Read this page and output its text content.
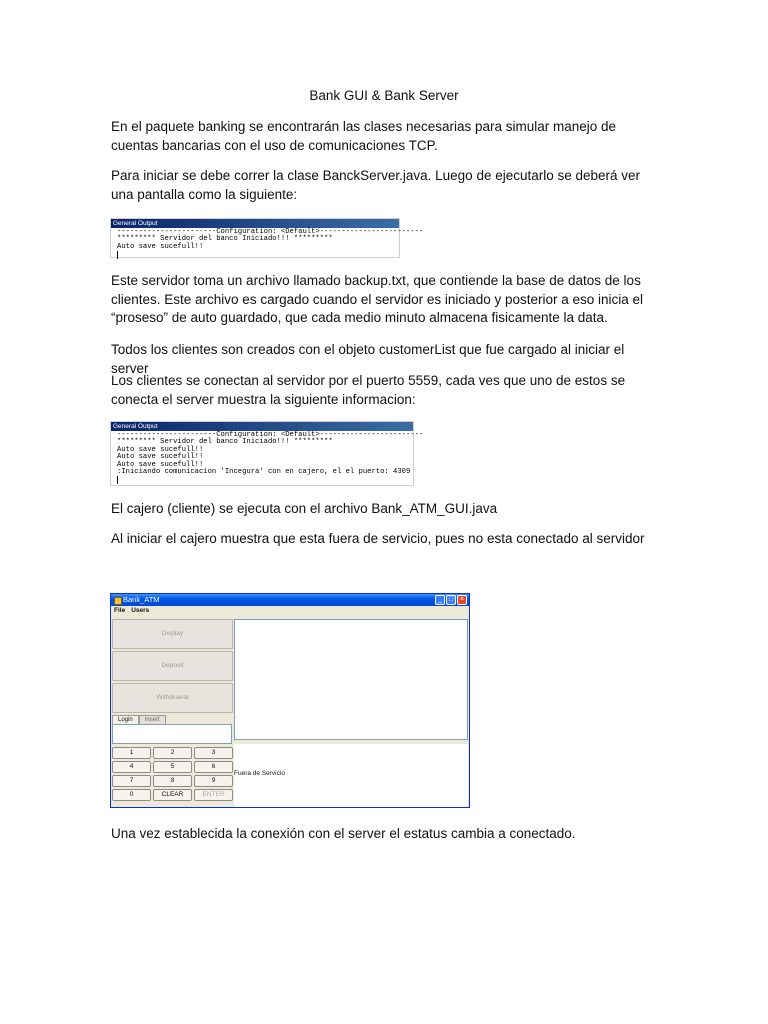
Bank GUI & Bank Server

En el paquete banking se encontrarán las clases necesarias para simular manejo de cuentas bancarias con el uso de comunicaciones TCP.

Para iniciar se debe correr la clase BanckServer.java. Luego de ejecutarlo se deberá ver una pantalla como la siguiente:

General Output
-----------------------Configuration: <Default>------------------------
********* Servidor del banco Iniciado!!! *********
Auto save sucefull!!

Este servidor toma un archivo llamado backup.txt, que contiende la base de datos de los clientes. Este archivo es cargado cuando el servidor es iniciado y posterior a eso inicia el “proseso” de auto guardado, que cada medio minuto almacena fisicamente la data.

Todos los clientes son creados con el objeto customerList que fue cargado al iniciar el server

Los clientes se conectan al servidor por el puerto 5559, cada ves que uno de estos se conecta el server muestra la siguiente informacion:

General Output
-----------------------Configuration: <Default>------------------------
********* Servidor del banco Iniciado!!! *********
Auto save sucefull!!
Auto save sucefull!!
Auto save sucefull!!
:Iniciando comunicacion 'Incegura' con en cajero, el el puerto: 4309

El cajero (cliente) se ejecuta con el archivo Bank_ATM_GUI.java

Al iniciar el cajero muestra que esta fuera de servicio, pues no esta conectado al servidor

Bank_ATM	_ □ ×
File Users
Display
Deposit
Withdrawal
Login	Insert
1	2	3
4	5	6
7	8	9
0	CLEAR	ENTER
Fuera de Servicio

Una vez establecida la conexión con el server el estatus cambia a conectado.
